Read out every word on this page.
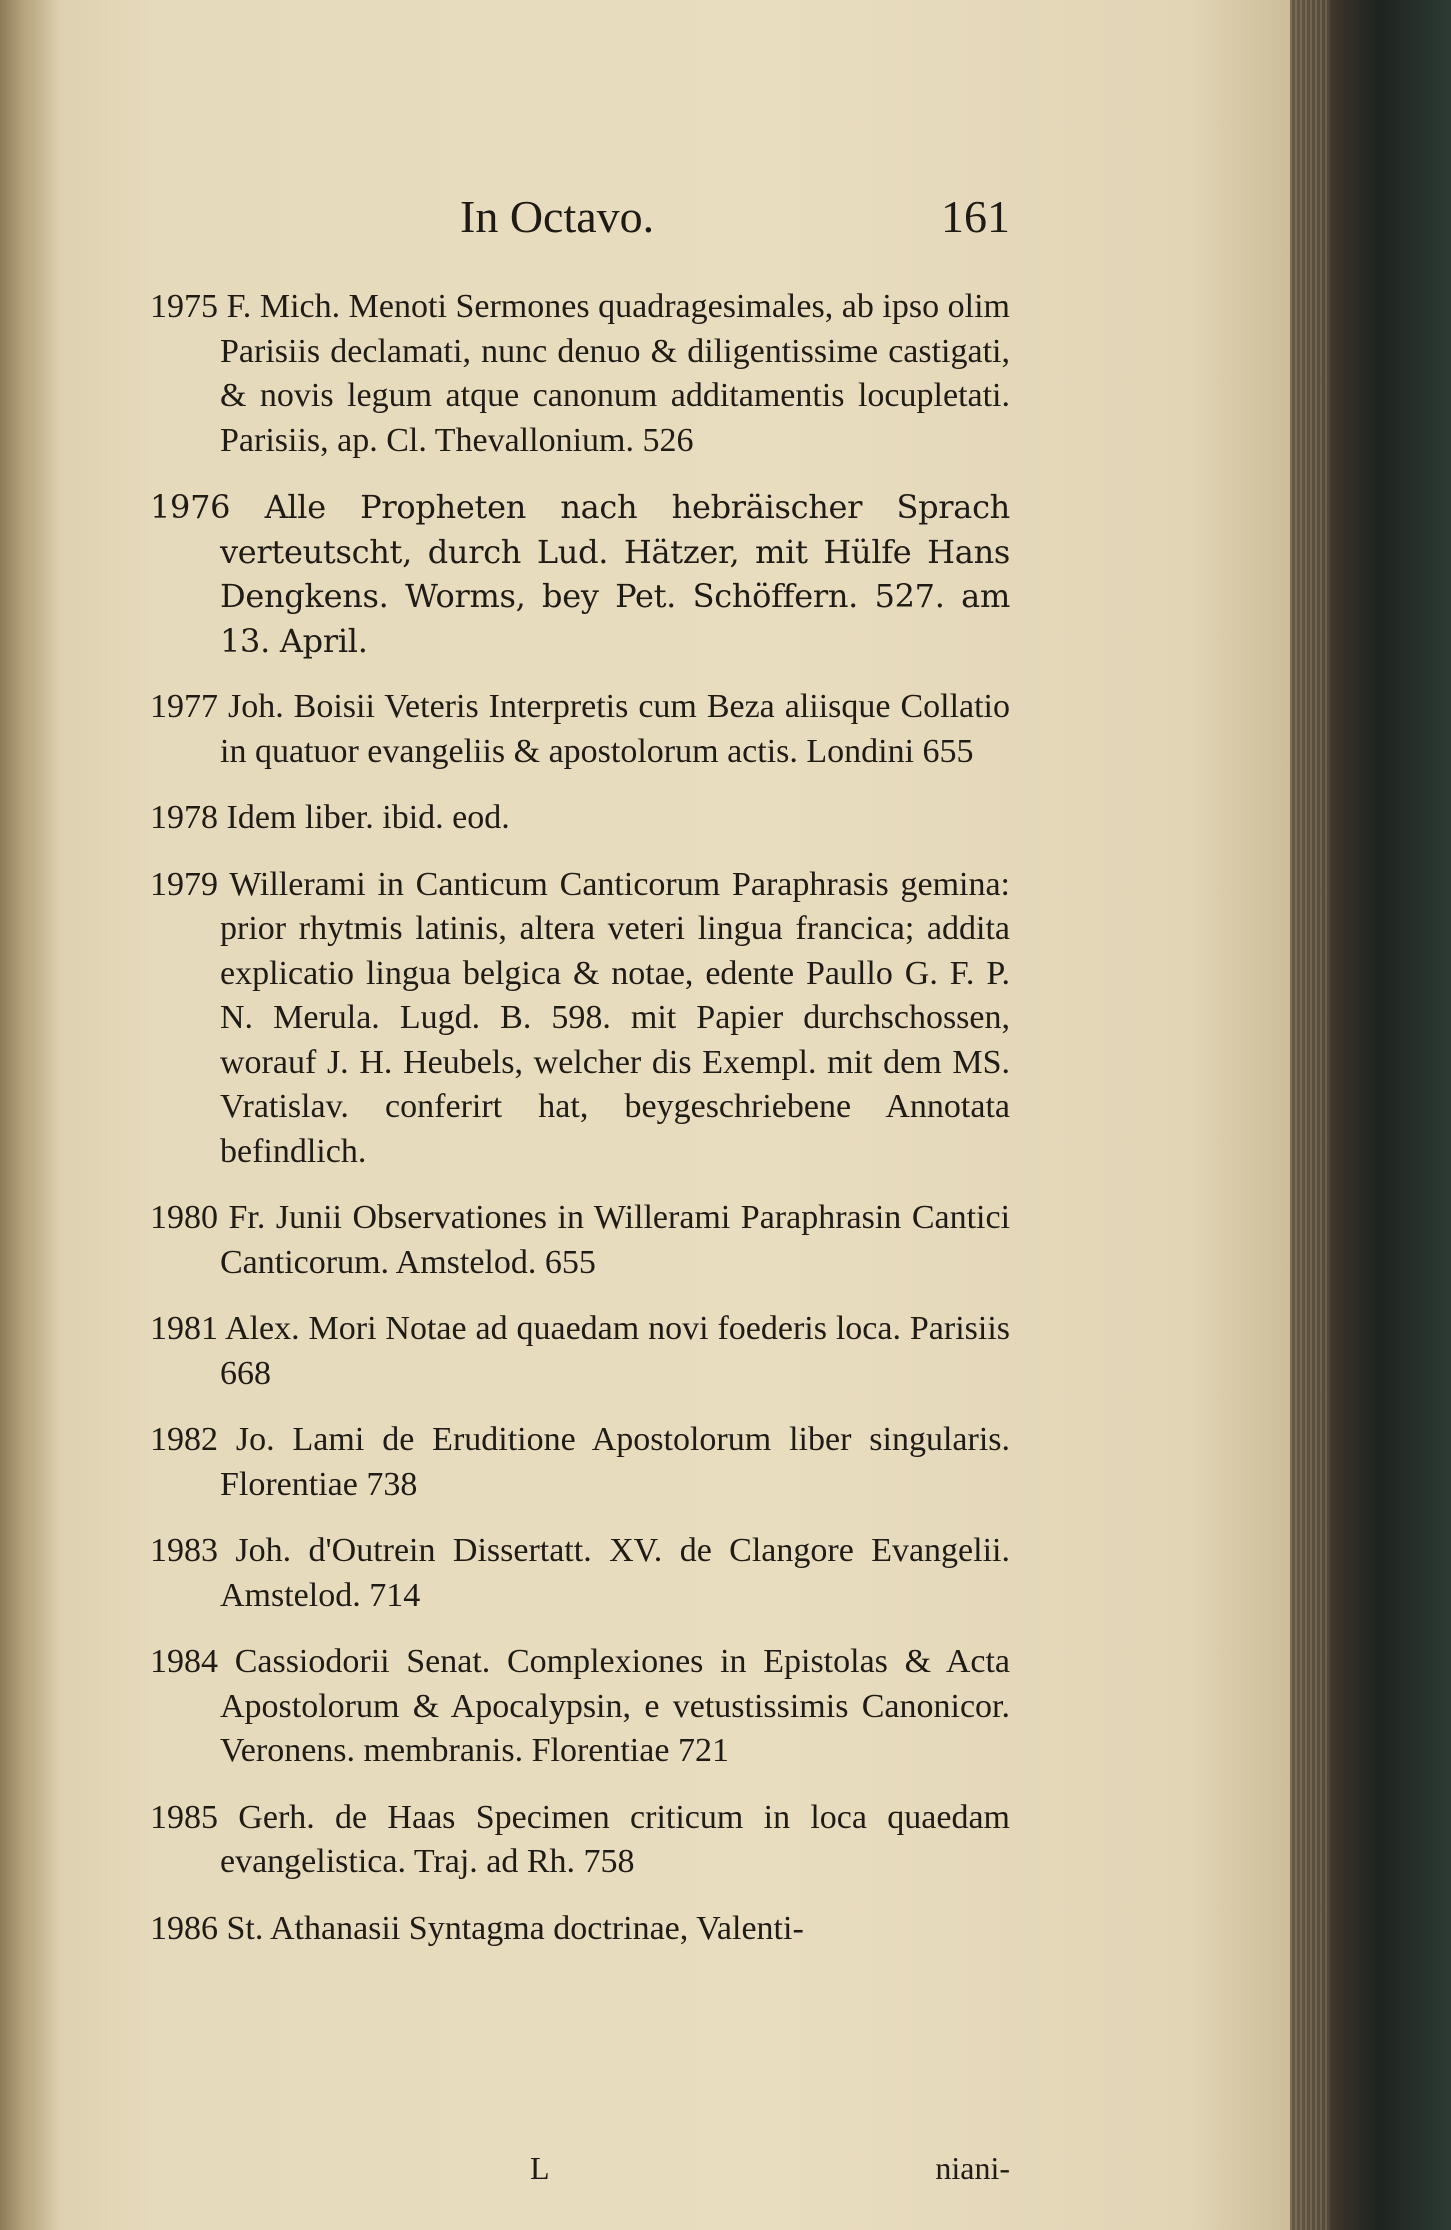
In Octavo.	161
1975 F. Mich. Menoti Sermones quadragesimales, ab ipso olim Parisiis declamati, nunc denuo & diligentissime castigati, & novis legum atque canonum additamentis locupletati. Parisiis, ap. Cl. Thevallonium. 526
1976 Alle Propheten nach hebräischer Sprach verteutscht, durch Lud. Hätzer, mit Hülfe Hans Dengkens. Worms, bey Pet. Schöffern. 527. am 13. April.
1977 Joh. Boisii Veteris Interpretis cum Beza aliisque Collatio in quatuor evangeliis & apostolorum actis. Londini 655
1978 Idem liber. ibid. eod.
1979 Willerami in Canticum Canticorum Paraphrasis gemina: prior rhytmis latinis, altera veteri lingua francica; addita explicatio lingua belgica & notae, edente Paullo G. F. P. N. Merula. Lugd. B. 598. mit Papier durchschossen, worauf J. H. Heubels, welcher dis Exempl. mit dem MS. Vratislav. conferirt hat, beygeschriebene Annotata befindlich.
1980 Fr. Junii Observationes in Willerami Paraphrasin Cantici Canticorum. Amstelod. 655
1981 Alex. Mori Notae ad quaedam novi foederis loca. Parisiis 668
1982 Jo. Lami de Eruditione Apostolorum liber singularis. Florentiae 738
1983 Joh. d'Outrein Dissertatt. XV. de Clangore Evangelii. Amstelod. 714
1984 Cassiodorii Senat. Complexiones in Epistolas & Acta Apostolorum & Apocalypsin, e vetustissimis Canonicor. Veronens. membranis. Florentiae 721
1985 Gerh. de Haas Specimen criticum in loca quaedam evangelistica. Traj. ad Rh. 758
1986 St. Athanasii Syntagma doctrinae, Valenti-
L	niani-
